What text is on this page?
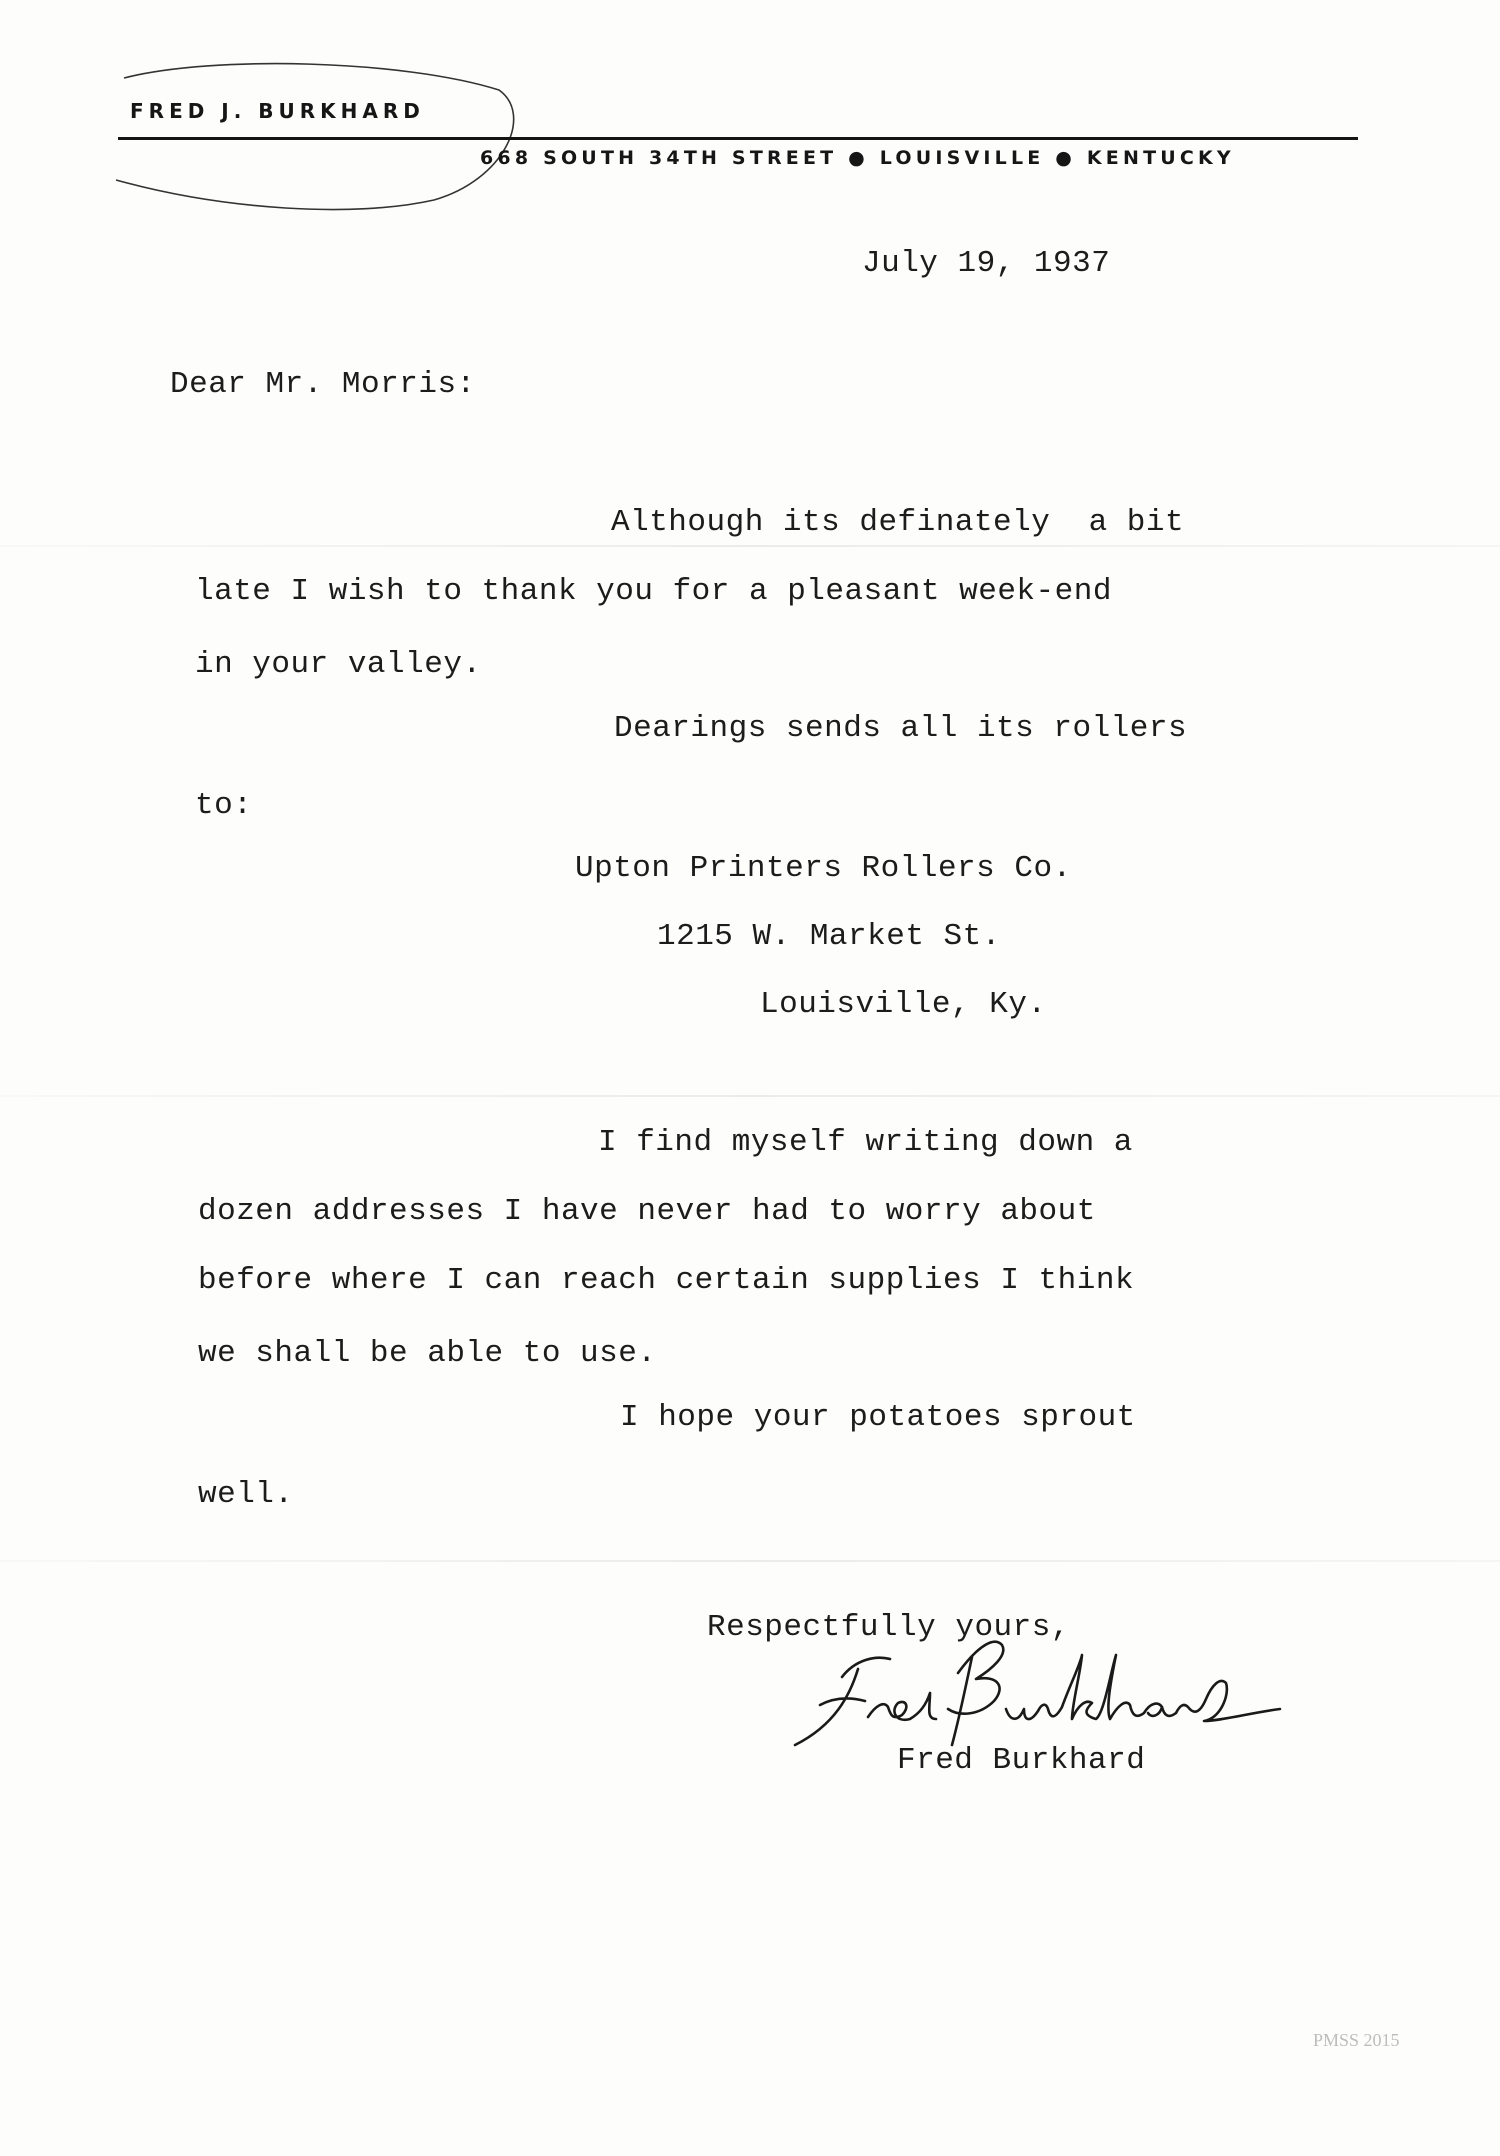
FRED J. BURKHARD
668 SOUTH 34TH STREET ● LOUISVILLE ● KENTUCKY
July 19, 1937
Dear Mr. Morris:
Although its definately  a bit
late I wish to thank you for a pleasant week-end
in your valley.
Dearings sends all its rollers
to:
Upton Printers Rollers Co.
1215 W. Market St.
Louisville, Ky.
I find myself writing down a
dozen addresses I have never had to worry about
before where I can reach certain supplies I think
we shall be able to use.
I hope your potatoes sprout
well.
Respectfully yours,
Fred Burkhard
PMSS 2015
